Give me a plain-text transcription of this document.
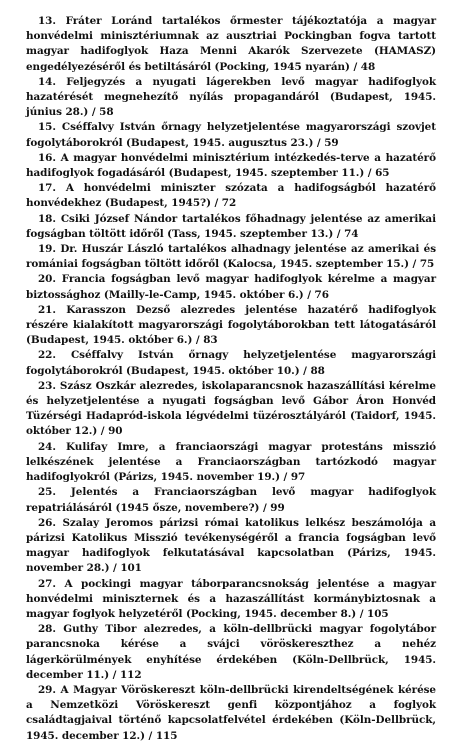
13. Fráter Loránd tartalékos őrmester tájékoztatója a magyar honvédelmi minisztériumnak az ausztriai Pockingban fogva tartott magyar hadifoglyok Haza Menni Akarók Szervezete (HAMASZ) engedélyezéséről és betiltásáról (Pocking, 1945 nyarán) / 48

14. Feljegyzés a nyugati lágerekben levő magyar hadifoglyok hazatérését megnehezítő nyílás propagandáról (Budapest, 1945. június 28.) / 58

15. Cséffalvy István őrnagy helyzetjelentése magyarországi szovjet fogolytáborokról (Budapest, 1945. augusztus 23.) / 59

16. A magyar honvédelmi minisztérium intézkedés-terve a hazatérő hadifoglyok fogadásáról (Budapest, 1945. szeptember 11.) / 65

17. A honvédelmi miniszter szózata a hadifogságból hazatérő honvédekhez (Budapest, 1945?) / 72

18. Csiki József Nándor tartalékos főhadnagy jelentése az amerikai fogságban töltött időről (Tass, 1945. szeptember 13.) / 74

19. Dr. Huszár László tartalékos alhadnagy jelentése az amerikai és romániai fogságban töltött időről (Kalocsa, 1945. szeptember 15.) / 75

20. Francia fogságban levő magyar hadifoglyok kérelme a magyar biztossághoz (Mailly-le-Camp, 1945. október 6.) / 76

21. Karasszon Dezső alezredes jelentése hazatérő hadifoglyok részére kialakított magyarországi fogolytáborokban tett látogatásáról (Budapest, 1945. október 6.) / 83

22. Cséffalvy István őrnagy helyzetjelentése magyarországi fogolytáborokról (Budapest, 1945. október 10.) / 88

23. Szász Oszkár alezredes, iskolaparancsnok hazaszállítási kérelme és helyzetjelentése a nyugati fogságban levő Gábor Áron Honvéd Tüzérségi Hadapród-iskola légvédelmi tüzérosztályáról (Taidorf, 1945. október 12.) / 90

24. Kulifay Imre, a franciaországi magyar protestáns misszió lelkészének jelentése a Franciaországban tartózkodó magyar hadifoglyokról (Párizs, 1945. november 19.) / 97

25. Jelentés a Franciaországban levő magyar hadifoglyok repatriálásáról (1945 ősze, novembere?) / 99

26. Szalay Jeromos párizsi római katolikus lelkész beszámolója a párizsi Katolikus Misszió tevékenységéről a francia fogságban levő magyar hadifoglyok felkutatásával kapcsolatban (Párizs, 1945. november 28.) / 101

27. A pockingi magyar táborparancsnokság jelentése a magyar honvédelmi miniszternek és a hazaszállítást kormánybiztosnak a magyar foglyok helyzetéről (Pocking, 1945. december 8.) / 105

28. Guthy Tibor alezredes, a köln-dellbrücki magyar fogolytábor parancsnoka kérése a svájci vöröskereszthez a nehéz lágerkörülmények enyhítése érdekében (Köln-Dellbrück, 1945. december 11.) / 112

29. A Magyar Vöröskereszt köln-dellbrücki kirendeltségének kérése a Nemzetközi Vöröskereszt genfi központjához a foglyok családtagjaival történő kapcsolatfelvétel érdekében (Köln-Dellbrück, 1945. december 12.) / 115
